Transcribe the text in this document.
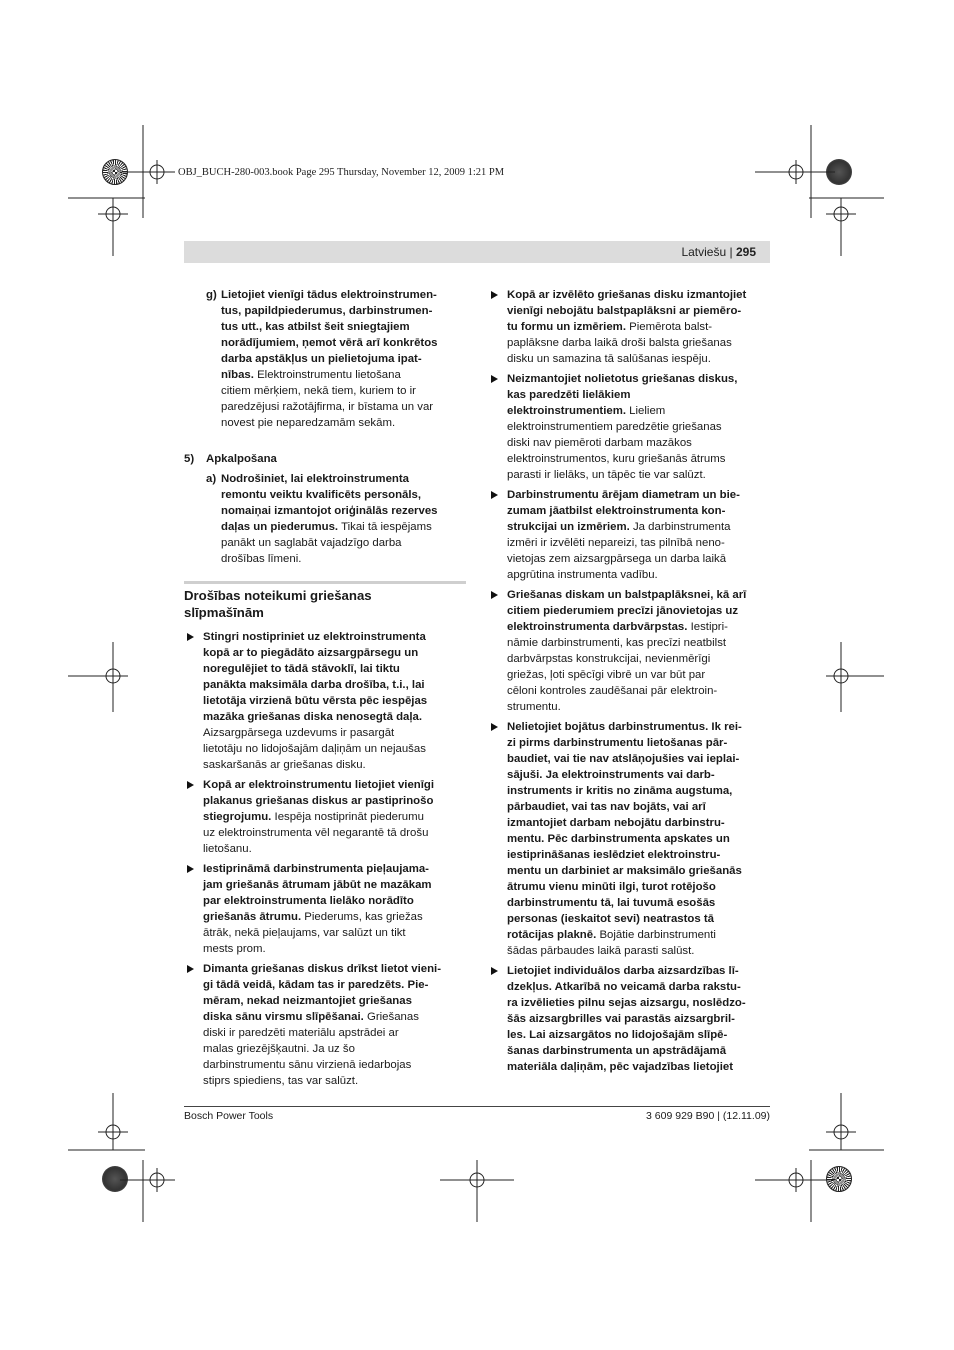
OBJ_BUCH-280-003.book Page 295 Thursday, November 12, 2009 1:21 PM
Latviešu | 295
g) Lietojiet vienīgi tādus elektroinstrumen-
tus, papildpiederumus, darbinstrumen-
tus utt., kas atbilst šeit sniegtajiem
norādījumiem, ņemot vērā arī konkrētos
darba apstākļus un pielietojuma ipat-
nības. Elektroinstrumentu lietošana
citiem mērķiem, nekā tiem, kuriem to ir
paredzējusi ražotājfirma, ir bīstama un var
novest pie neparedzamām sekām.
5) Apkalpošana
a) Nodrošiniet, lai elektroinstrumenta
remontu veiktu kvalificēts personāls,
nomaiņai izmantojot oriģinālās rezerves
daļas un piederumus. Tikai tā iespējams
panākt un saglabāt vajadzīgo darba
drošības līmeni.
Drošības noteikumi griešanas
slīpmašīnām
Stingri nostipriniet uz elektroinstrumenta
kopā ar to piegādāto aizsargpārsegu un
noregulējiet to tādā stāvoklī, lai tiktu
panākta maksimāla darba drošība, t.i., lai
lietotāja virzienā būtu vērsta pēc iespējas
mazāka griešanas diska nenosegtā daļa.
Aizsargpārsega uzdevums ir pasargāt
lietotāju no lidojošajām daļiņām un nejaušas
saskaršanās ar griešanas disku.
Kopā ar elektroinstrumentu lietojiet vienīgi
plakanus griešanas diskus ar pastiprinošo
stiegrojumu. Iespēja nostiprināt piederumu
uz elektroinstrumenta vēl negarantē tā drošu
lietošanu.
Iestiprināmā darbinstrumenta pieļaujama-
jam griešanās ātrumam jābūt ne mazākam
par elektroinstrumenta lielāko norādīto
griešanās ātrumu. Piederums, kas griežas
ātrāk, nekā pieļaujams, var salūzt un tikt
mests prom.
Dimanta griešanas diskus drīkst lietot vieni-
gi tādā veidā, kādam tas ir paredzēts. Pie-
mēram, nekad neizmantojiet griešanas
diska sānu virsmu slīpēšanai. Griešanas
diski ir paredzēti materiālu apstrādei ar
malas griezējšķautni. Ja uz šo
darbinstrumentu sānu virzienā iedarbojas
stiprs spiediens, tas var salūzt.
Kopā ar izvēlēto griešanas disku izmantojiet
vienīgi nebojātu balstpaplāksni ar piemēro-
tu formu un izmēriem. Piemērota balst-
paplāksne darba laikā droši balsta griešanas
disku un samazina tā salūšanas iespēju.
Neizmantojiet nolietotus griešanas diskus,
kas paredzēti lielākiem
elektroinstrumentiem. Lieliem
elektroinstrumentiem paredzētie griešanas
diski nav piemēroti darbam mazākos
elektroinstrumentos, kuru griešanās ātrums
parasti ir lielāks, un tāpēc tie var salūzt.
Darbinstrumentu ārējam diametram un bie-
zumam jāatbilst elektroinstrumenta kon-
strukcijai un izmēriem. Ja darbinstrumenta
izmēri ir izvēlēti nepareizi, tas pilnībā neno-
vietojas zem aizsargpārsega un darba laikā
apgrūtina instrumenta vadību.
Griešanas diskam un balstpaplāksnei, kā arī
citiem piederumiem precīzi jānovietojas uz
elektroinstrumenta darbvārpstas. Iestipri-
nāmie darbinstrumenti, kas precīzi neatbilst
darbvārpstas konstrukcijai, nevienmērīgi
griežas, ļoti spēcīgi vibrē un var būt par
cēloni kontroles zaudēšanai pār elektroin-
strumentu.
Nelietojiet bojātus darbinstrumentus. Ik rei-
zi pirms darbinstrumentu lietošanas pār-
baudiet, vai tie nav atslāņojušies vai ieplai-
sājuši. Ja elektroinstruments vai darb-
instruments ir kritis no zināma augstuma,
pārbaudiet, vai tas nav bojāts, vai arī
izmantojiet darbam nebojātu darbinstru-
mentu. Pēc darbinstrumenta apskates un
iestiprināšanas ieslēdziet elektroinstru-
mentu un darbiniet ar maksimālo griešanās
ātrumu vienu minūti ilgi, turot rotējošo
darbinstrumentu tā, lai tuvumā esošās
personas (ieskaitot sevi) neatrastos tā
rotācijas plaknē. Bojātie darbinstrumenti
šādas pārbaudes laikā parasti salūst.
Lietojiet individuālos darba aizsardzības lī-
dzekļus. Atkarībā no veicamā darba rakstu-
ra izvēlieties pilnu sejas aizsargu, noslēdzo-
šās aizsargbrilles vai parastās aizsargbril-
les. Lai aizsargātos no lidojošajām slīpē-
šanas darbinstrumenta un apstrādājamā
materiāla daļiņām, pēc vajadzības lietojiet
Bosch Power Tools	3 609 929 B90 | (12.11.09)
